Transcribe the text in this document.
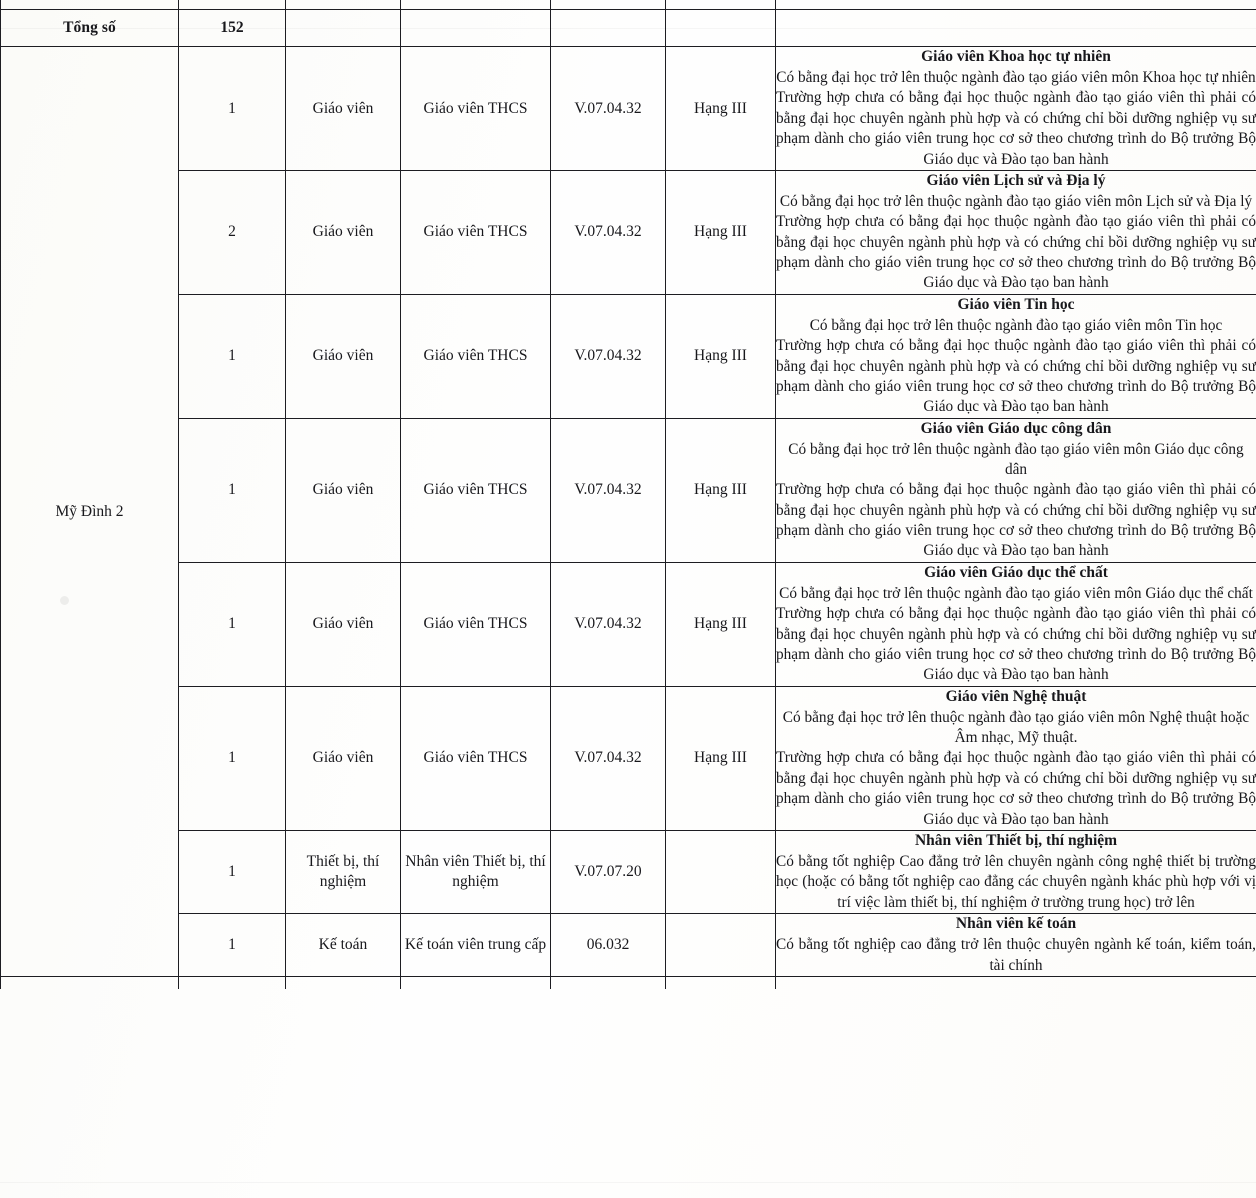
Tổng số	152					
Mỹ Đình 2	1	Giáo viên	Giáo viên THCS	V.07.04.32	Hạng III	Giáo viên Khoa học tự nhiên
Có bằng đại học trở lên thuộc ngành đào tạo giáo viên môn Khoa học tự nhiên
Trường hợp chưa có bằng đại học thuộc ngành đào tạo giáo viên thì phải có bằng đại học chuyên ngành phù hợp và có chứng chỉ bồi dưỡng nghiệp vụ sư phạm dành cho giáo viên trung học cơ sở theo chương trình do Bộ trưởng Bộ Giáo dục và Đào tạo ban hành

	2	Giáo viên	Giáo viên THCS	V.07.04.32	Hạng III	Giáo viên Lịch sử và Địa lý
Có bằng đại học trở lên thuộc ngành đào tạo giáo viên môn Lịch sử và Địa lý
Trường hợp chưa có bằng đại học thuộc ngành đào tạo giáo viên thì phải có bằng đại học chuyên ngành phù hợp và có chứng chỉ bồi dưỡng nghiệp vụ sư phạm dành cho giáo viên trung học cơ sở theo chương trình do Bộ trưởng Bộ Giáo dục và Đào tạo ban hành

	1	Giáo viên	Giáo viên THCS	V.07.04.32	Hạng III	Giáo viên Tin học
Có bằng đại học trở lên thuộc ngành đào tạo giáo viên môn Tin học
Trường hợp chưa có bằng đại học thuộc ngành đào tạo giáo viên thì phải có bằng đại học chuyên ngành phù hợp và có chứng chỉ bồi dưỡng nghiệp vụ sư phạm dành cho giáo viên trung học cơ sở theo chương trình do Bộ trưởng Bộ Giáo dục và Đào tạo ban hành

	1	Giáo viên	Giáo viên THCS	V.07.04.32	Hạng III	Giáo viên Giáo dục công dân
Có bằng đại học trở lên thuộc ngành đào tạo giáo viên môn Giáo dục công dân
Trường hợp chưa có bằng đại học thuộc ngành đào tạo giáo viên thì phải có bằng đại học chuyên ngành phù hợp và có chứng chỉ bồi dưỡng nghiệp vụ sư phạm dành cho giáo viên trung học cơ sở theo chương trình do Bộ trưởng Bộ Giáo dục và Đào tạo ban hành

	1	Giáo viên	Giáo viên THCS	V.07.04.32	Hạng III	Giáo viên Giáo dục thể chất
Có bằng đại học trở lên thuộc ngành đào tạo giáo viên môn Giáo dục thể chất
Trường hợp chưa có bằng đại học thuộc ngành đào tạo giáo viên thì phải có bằng đại học chuyên ngành phù hợp và có chứng chỉ bồi dưỡng nghiệp vụ sư phạm dành cho giáo viên trung học cơ sở theo chương trình do Bộ trưởng Bộ Giáo dục và Đào tạo ban hành

	1	Giáo viên	Giáo viên THCS	V.07.04.32	Hạng III	Giáo viên Nghệ thuật
Có bằng đại học trở lên thuộc ngành đào tạo giáo viên môn Nghệ thuật hoặc Âm nhạc, Mỹ thuật.
Trường hợp chưa có bằng đại học thuộc ngành đào tạo giáo viên thì phải có bằng đại học chuyên ngành phù hợp và có chứng chỉ bồi dưỡng nghiệp vụ sư phạm dành cho giáo viên trung học cơ sở theo chương trình do Bộ trưởng Bộ Giáo dục và Đào tạo ban hành

	1	Thiết bị, thí nghiệm	Nhân viên Thiết bị, thí nghiệm	V.07.07.20		Nhân viên Thiết bị, thí nghiệm
Có bằng tốt nghiệp Cao đẳng trở lên chuyên ngành công nghệ thiết bị trường học (hoặc có bằng tốt nghiệp cao đẳng các chuyên ngành khác phù hợp với vị trí việc làm thiết bị, thí nghiệm ở trường trung học) trở lên

	1	Kế toán	Kế toán viên trung cấp	06.032		Nhân viên kế toán
Có bằng tốt nghiệp cao đẳng trở lên thuộc chuyên ngành kế toán, kiểm toán, tài chính
